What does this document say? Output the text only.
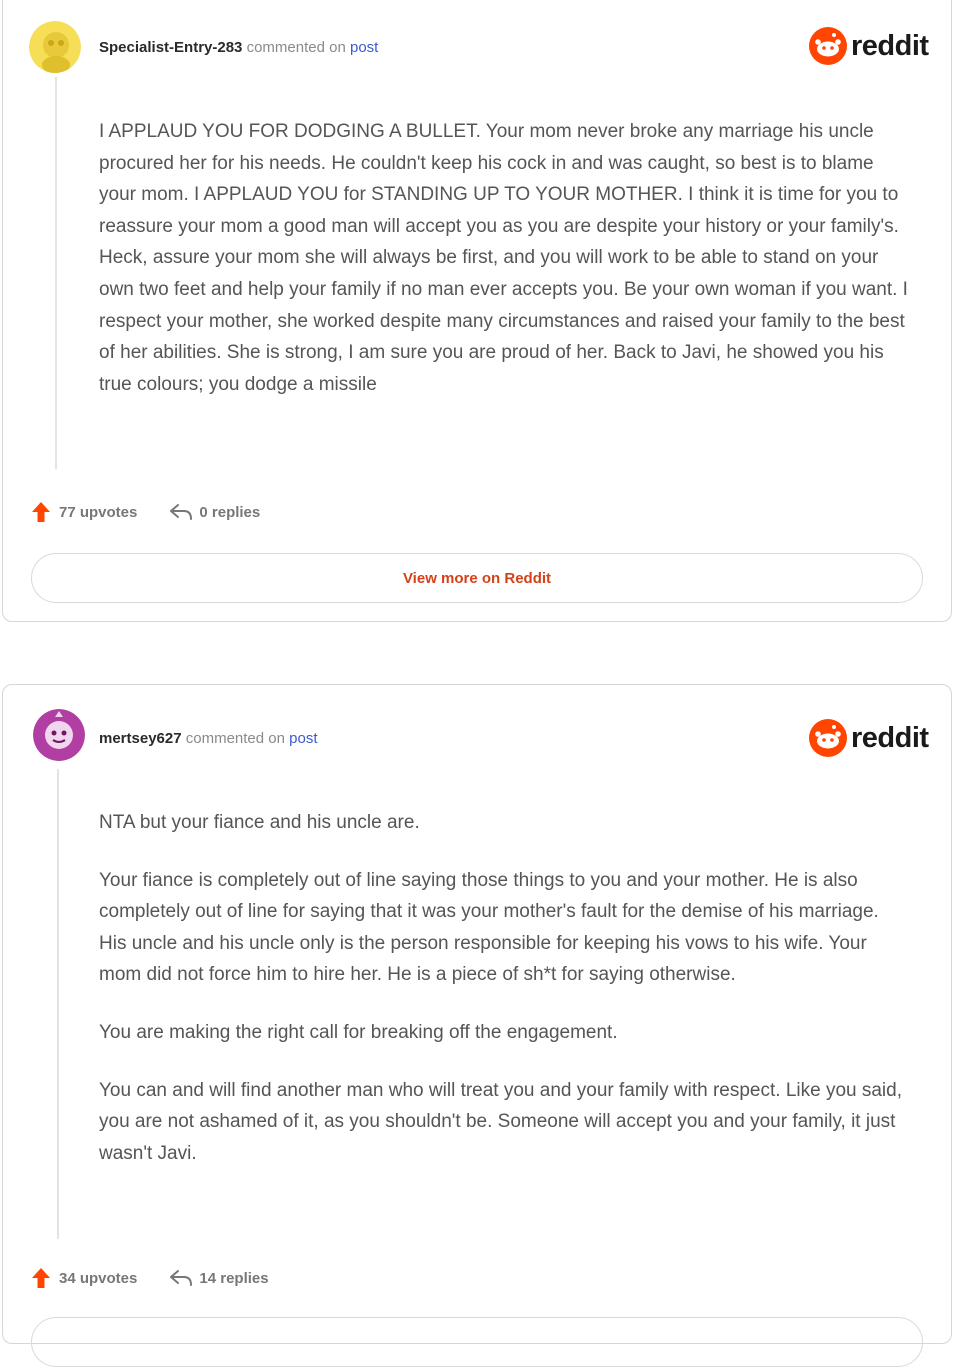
Specialist-Entry-283 commented on post	reddit

I APPLAUD YOU FOR DODGING A BULLET. Your mom never broke any marriage his uncle procured her for his needs. He couldn't keep his cock in and was caught, so best is to blame your mom. I APPLAUD YOU for STANDING UP TO YOUR MOTHER. I think it is time for you to reassure your mom a good man will accept you as you are despite your history or your family's. Heck, assure your mom she will always be first, and you will work to be able to stand on your own two feet and help your family if no man ever accepts you. Be your own woman if you want. I respect your mother, she worked despite many circumstances and raised your family to the best of her abilities. She is strong, I am sure you are proud of her. Back to Javi, he showed you his true colours; you dodge a missile

77 upvotes	0 replies
View more on Reddit
mertsey627 commented on post	reddit

NTA but your fiance and his uncle are.

Your fiance is completely out of line saying those things to you and your mother. He is also completely out of line for saying that it was your mother's fault for the demise of his marriage. His uncle and his uncle only is the person responsible for keeping his vows to his wife. Your mom did not force him to hire her. He is a piece of sh*t for saying otherwise.

You are making the right call for breaking off the engagement.

You can and will find another man who will treat you and your family with respect. Like you said, you are not ashamed of it, as you shouldn't be. Someone will accept you and your family, it just wasn't Javi.

34 upvotes	14 replies
